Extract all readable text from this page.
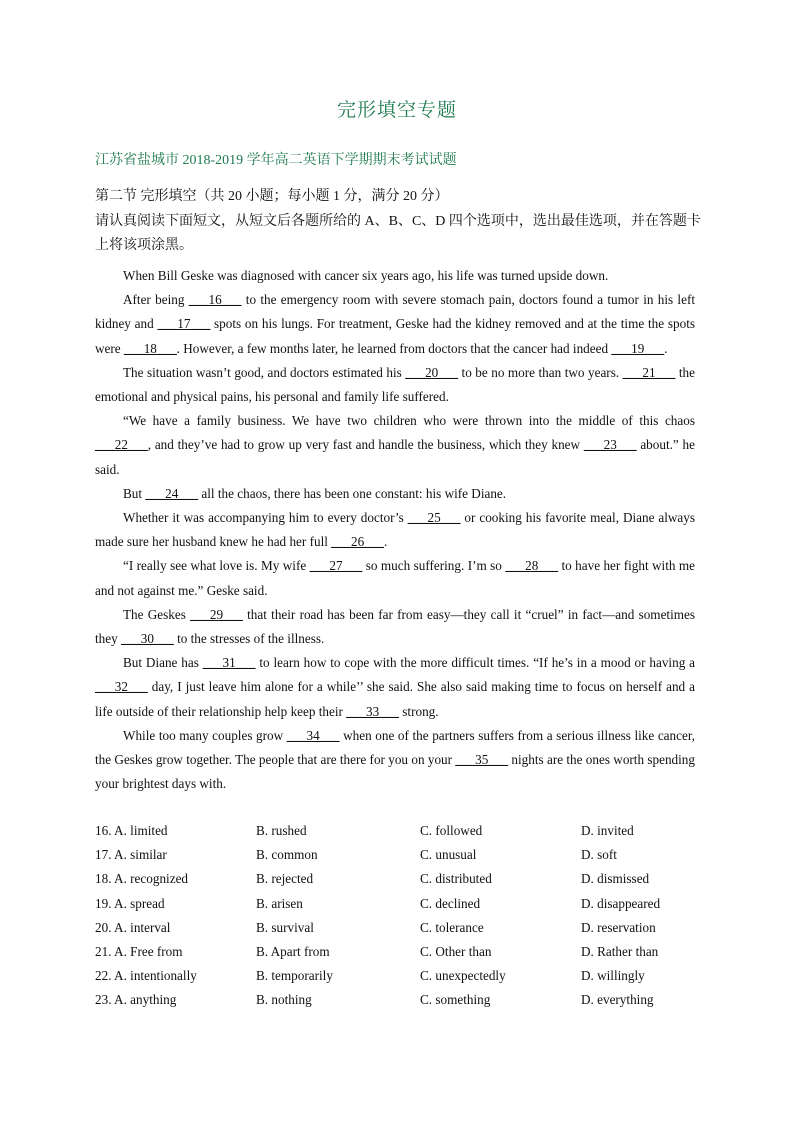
完形填空专题
江苏省盐城市 2018-2019 学年高二英语下学期期末考试试题
第二节 完形填空（共 20 小题；每小题 1 分，满分 20 分）
请认真阅读下面短文，从短文后各题所给的 A、B、C、D 四个选项中，选出最佳选项，并在答题卡上将该项涂黑。

When Bill Geske was diagnosed with cancer six years ago, his life was turned upside down.

After being ___16___ to the emergency room with severe stomach pain, doctors found a tumor in his left kidney and ___17___ spots on his lungs. For treatment, Geske had the kidney removed and at the time the spots were ___18___. However, a few months later, he learned from doctors that the cancer had indeed ___19___.

The situation wasn’t good, and doctors estimated his ___20___ to be no more than two years. ___21___ the emotional and physical pains, his personal and family life suffered.

“We have a family business. We have two children who were thrown into the middle of this chaos ___22___, and they’ve had to grow up very fast and handle the business, which they knew ___23___ about.” he said.

But ___24___ all the chaos, there has been one constant: his wife Diane.

Whether it was accompanying him to every doctor’s ___25___ or cooking his favorite meal, Diane always made sure her husband knew he had her full ___26___.

“I really see what love is. My wife ___27___ so much suffering. I’m so ___28___ to have her fight with me and not against me.” Geske said.

The Geskes ___29___ that their road has been far from easy—they call it “cruel” in fact—and sometimes they ___30___ to the stresses of the illness.

But Diane has ___31___ to learn how to cope with the more difficult times. “If he’s in a mood or having a ___32___ day, I just leave him alone for a while’’ she said. She also said making time to focus on herself and a life outside of their relationship help keep their ___33___ strong.

While too many couples grow ___34___ when one of the partners suffers from a serious illness like cancer, the Geskes grow together. The people that are there for you on your ___35___ nights are the ones worth spending your brightest days with.

16. A. limited	B. rushed	C. followed	D. invited
17. A. similar	B. common	C. unusual	D. soft
18. A. recognized	B. rejected	C. distributed	D. dismissed
19. A. spread	B. arisen	C. declined	D. disappeared
20. A. interval	B. survival	C. tolerance	D. reservation
21. A. Free from	B. Apart from	C. Other than	D. Rather than
22. A. intentionally	B. temporarily	C. unexpectedly	D. willingly
23. A. anything	B. nothing	C. something	D. everything
